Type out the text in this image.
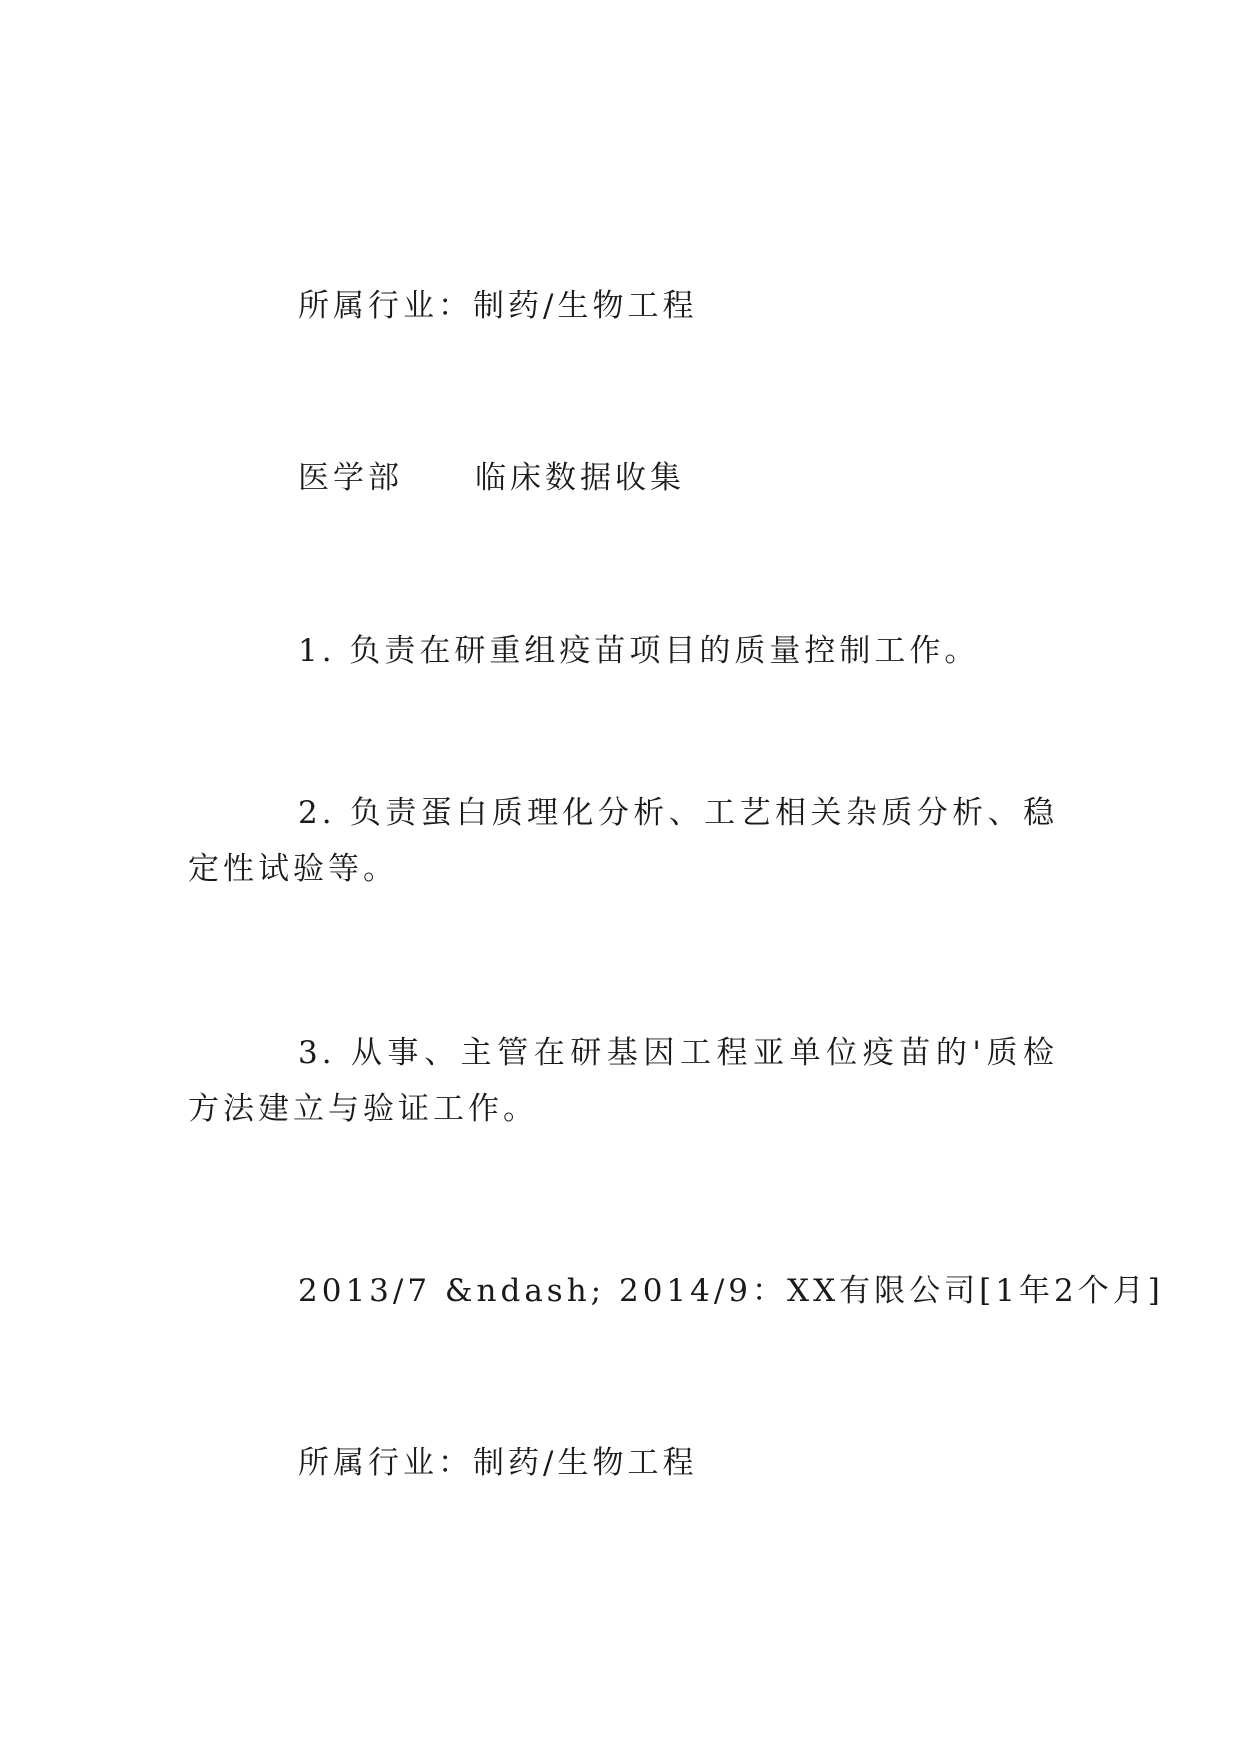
所属行业：制药/生物工程
医学部 临床数据收集
1. 负责在研重组疫苗项目的质量控制工作。
2. 负责蛋白质理化分析、工艺相关杂质分析、稳定性试验等。
3. 从事、主管在研基因工程亚单位疫苗的'质检方法建立与验证工作。
2013/7 &ndash; 2014/9：XX有限公司[1年2个月]
所属行业：制药/生物工程
